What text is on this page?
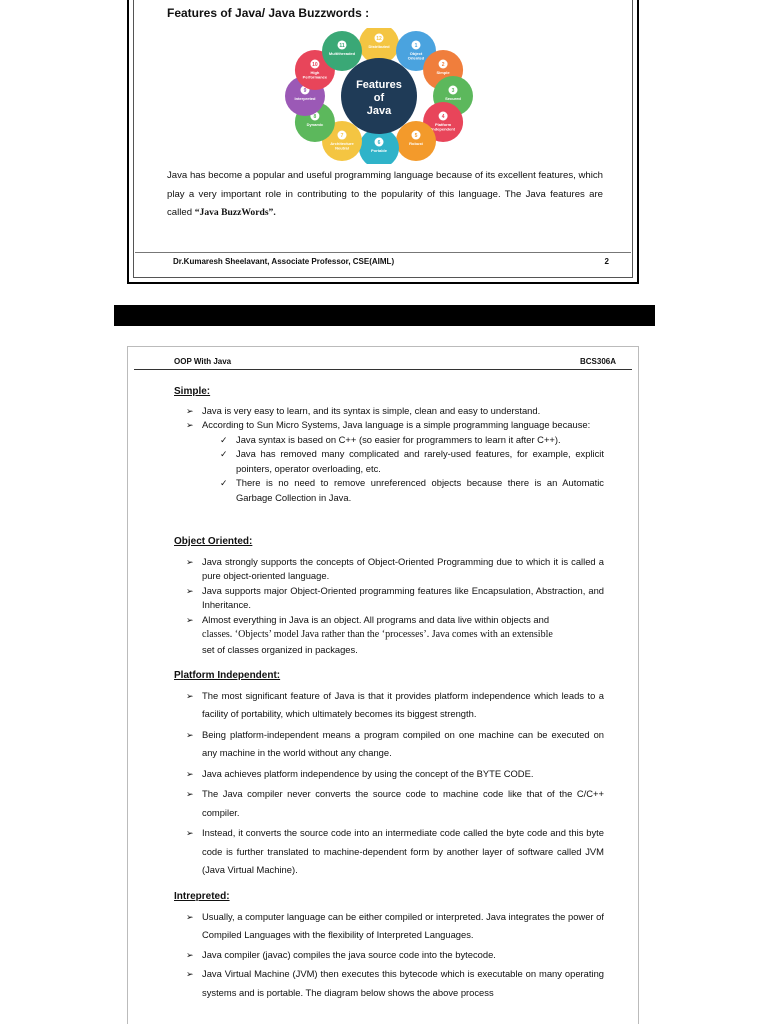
Features of Java/ Java Buzzwords :
12
Distributed	1
Object
Oriented
2
Simple
3
Secured
4
Platform
Independent
5
Robust
6
Portable
7
Architecture
Neutral
8
Dynamic
9
Interpreted
10
High
Performance
11
Multithreaded
Features
of
Java
Java has become a popular and useful programming language because of its excellent features, which play a very important role in contributing to the popularity of this language. The Java features are called “Java BuzzWords”.
Dr.Kumaresh Sheelavant, Associate Professor, CSE(AIML)	2
OOP With Java	BCS306A
Simple:
➢ Java is very easy to learn, and its syntax is simple, clean and easy to understand.
➢ According to Sun Micro Systems, Java language is a simple programming language because:
✓ Java syntax is based on C++ (so easier for programmers to learn it after C++).
✓ Java has removed many complicated and rarely-used features, for example, explicit pointers, operator overloading, etc.
✓ There is no need to remove unreferenced objects because there is an Automatic Garbage Collection in Java.
Object Oriented:
➢ Java strongly supports the concepts of Object-Oriented Programming due to which it is called a pure object-oriented language.
➢ Java supports major Object-Oriented programming features like Encapsulation, Abstraction, and Inheritance.
➢ Almost everything in Java is an object. All programs and data live within objects and
classes. ‘Objects’ model Java rather than the ‘processes’. Java comes with an extensible
set of classes organized in packages.
Platform Independent:
➢ The most significant feature of Java is that it provides platform independence which leads to a facility of portability, which ultimately becomes its biggest strength.
➢ Being platform-independent means a program compiled on one machine can be executed on any machine in the world without any change.
➢ Java achieves platform independence by using the concept of the BYTE CODE.
➢ The Java compiler never converts the source code to machine code like that of the C/C++ compiler.
➢ Instead, it converts the source code into an intermediate code called the byte code and this byte code is further translated to machine-dependent form by another layer of software called JVM (Java Virtual Machine).
Intrepreted:
➢ Usually, a computer language can be either compiled or interpreted. Java integrates the power of Compiled Languages with the flexibility of Interpreted Languages.
➢ Java compiler (javac) compiles the java source code into the bytecode.
➢ Java Virtual Machine (JVM) then executes this bytecode which is executable on many operating systems and is portable. The diagram below shows the above process
